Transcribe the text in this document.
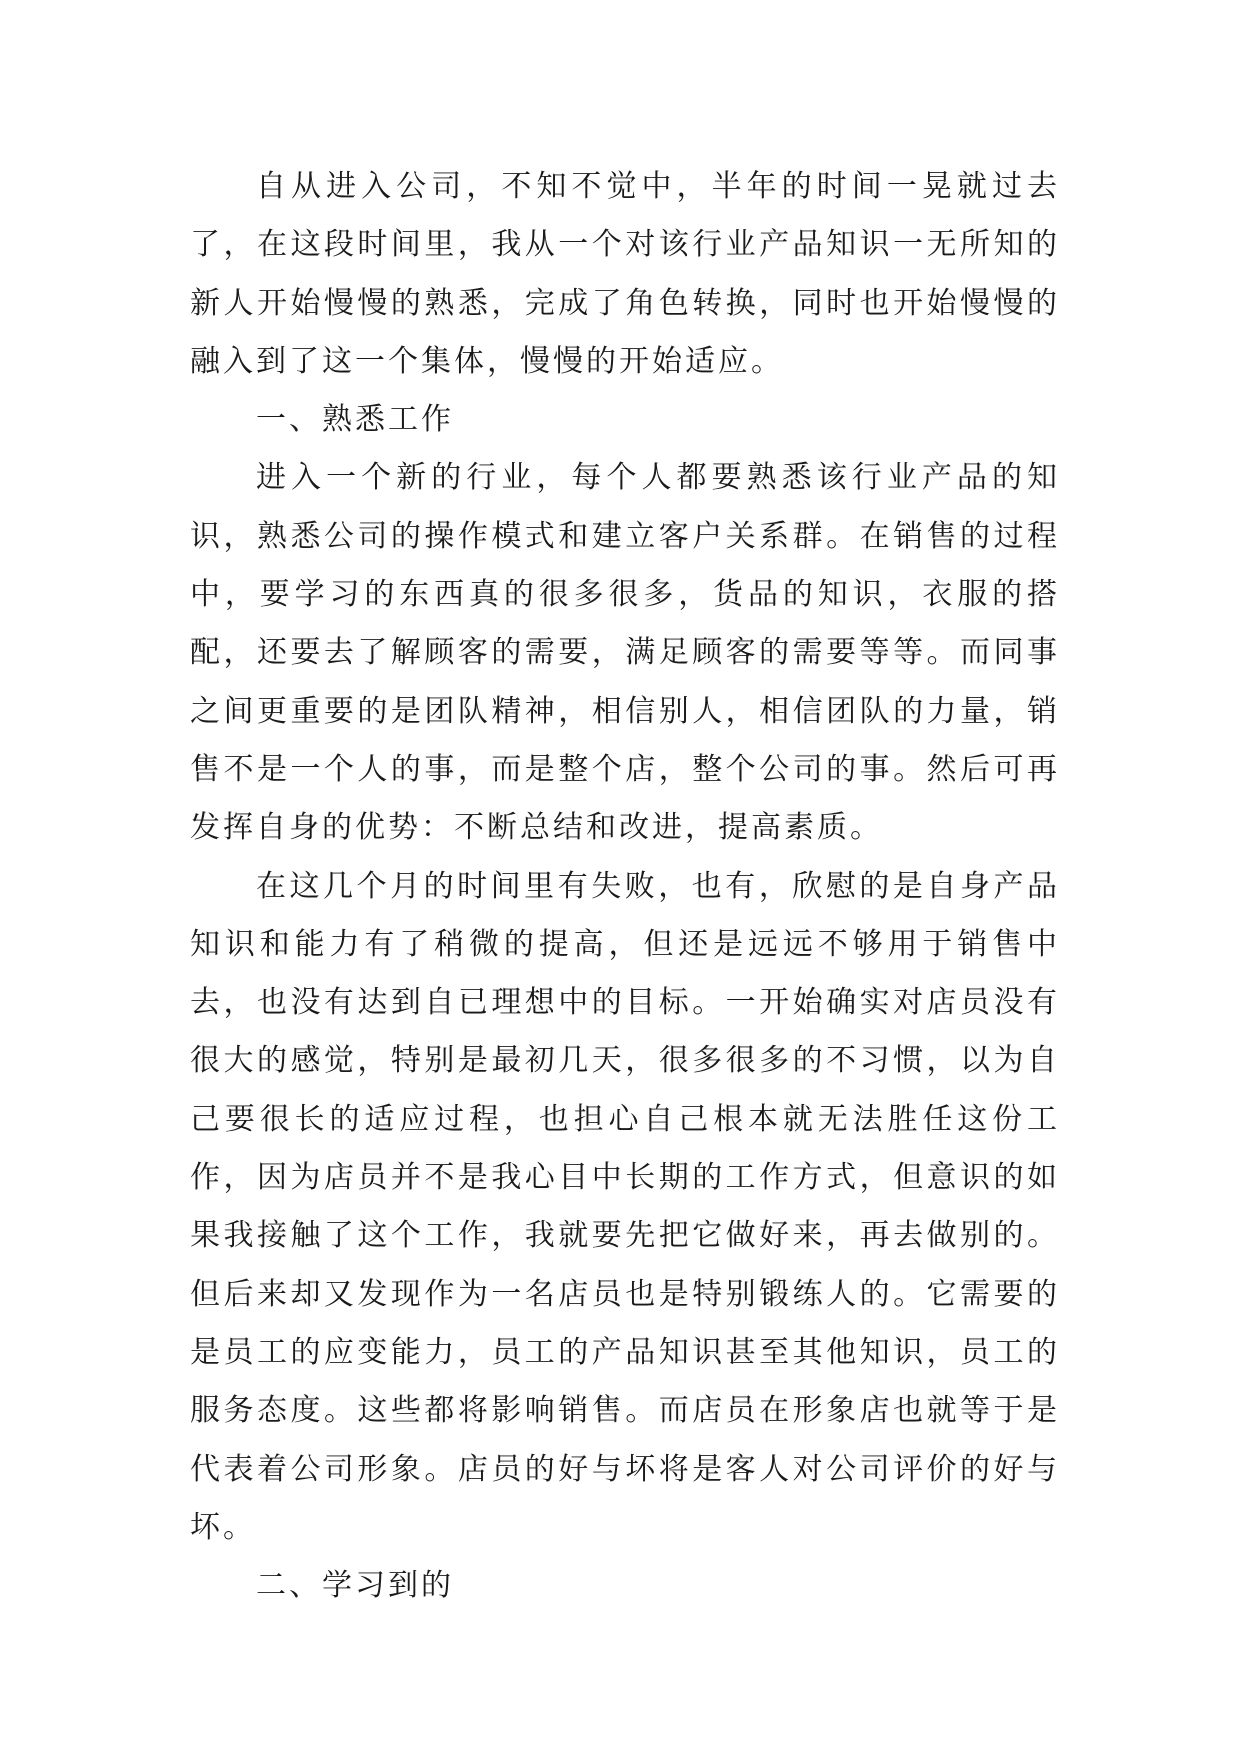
自从进入公司，不知不觉中，半年的时间一晃就过去了，在这段时间里，我从一个对该行业产品知识一无所知的新人开始慢慢的熟悉，完成了角色转换，同时也开始慢慢的融入到了这一个集体，慢慢的开始适应。

一、熟悉工作

进入一个新的行业，每个人都要熟悉该行业产品的知识，熟悉公司的操作模式和建立客户关系群。在销售的过程中，要学习的东西真的很多很多，货品的知识，衣服的搭配，还要去了解顾客的需要，满足顾客的需要等等。而同事之间更重要的是团队精神，相信别人，相信团队的力量，销售不是一个人的事，而是整个店，整个公司的事。然后可再发挥自身的优势：不断总结和改进，提高素质。

在这几个月的时间里有失败，也有，欣慰的是自身产品知识和能力有了稍微的提高，但还是远远不够用于销售中去，也没有达到自已理想中的目标。一开始确实对店员没有很大的感觉，特别是最初几天，很多很多的不习惯，以为自己要很长的适应过程，也担心自己根本就无法胜任这份工作，因为店员并不是我心目中长期的工作方式，但意识的如果我接触了这个工作，我就要先把它做好来，再去做别的。但后来却又发现作为一名店员也是特别锻练人的。它需要的是员工的应变能力，员工的产品知识甚至其他知识，员工的服务态度。这些都将影响销售。而店员在形象店也就等于是代表着公司形象。店员的好与坏将是客人对公司评价的好与坏。

二、学习到的
